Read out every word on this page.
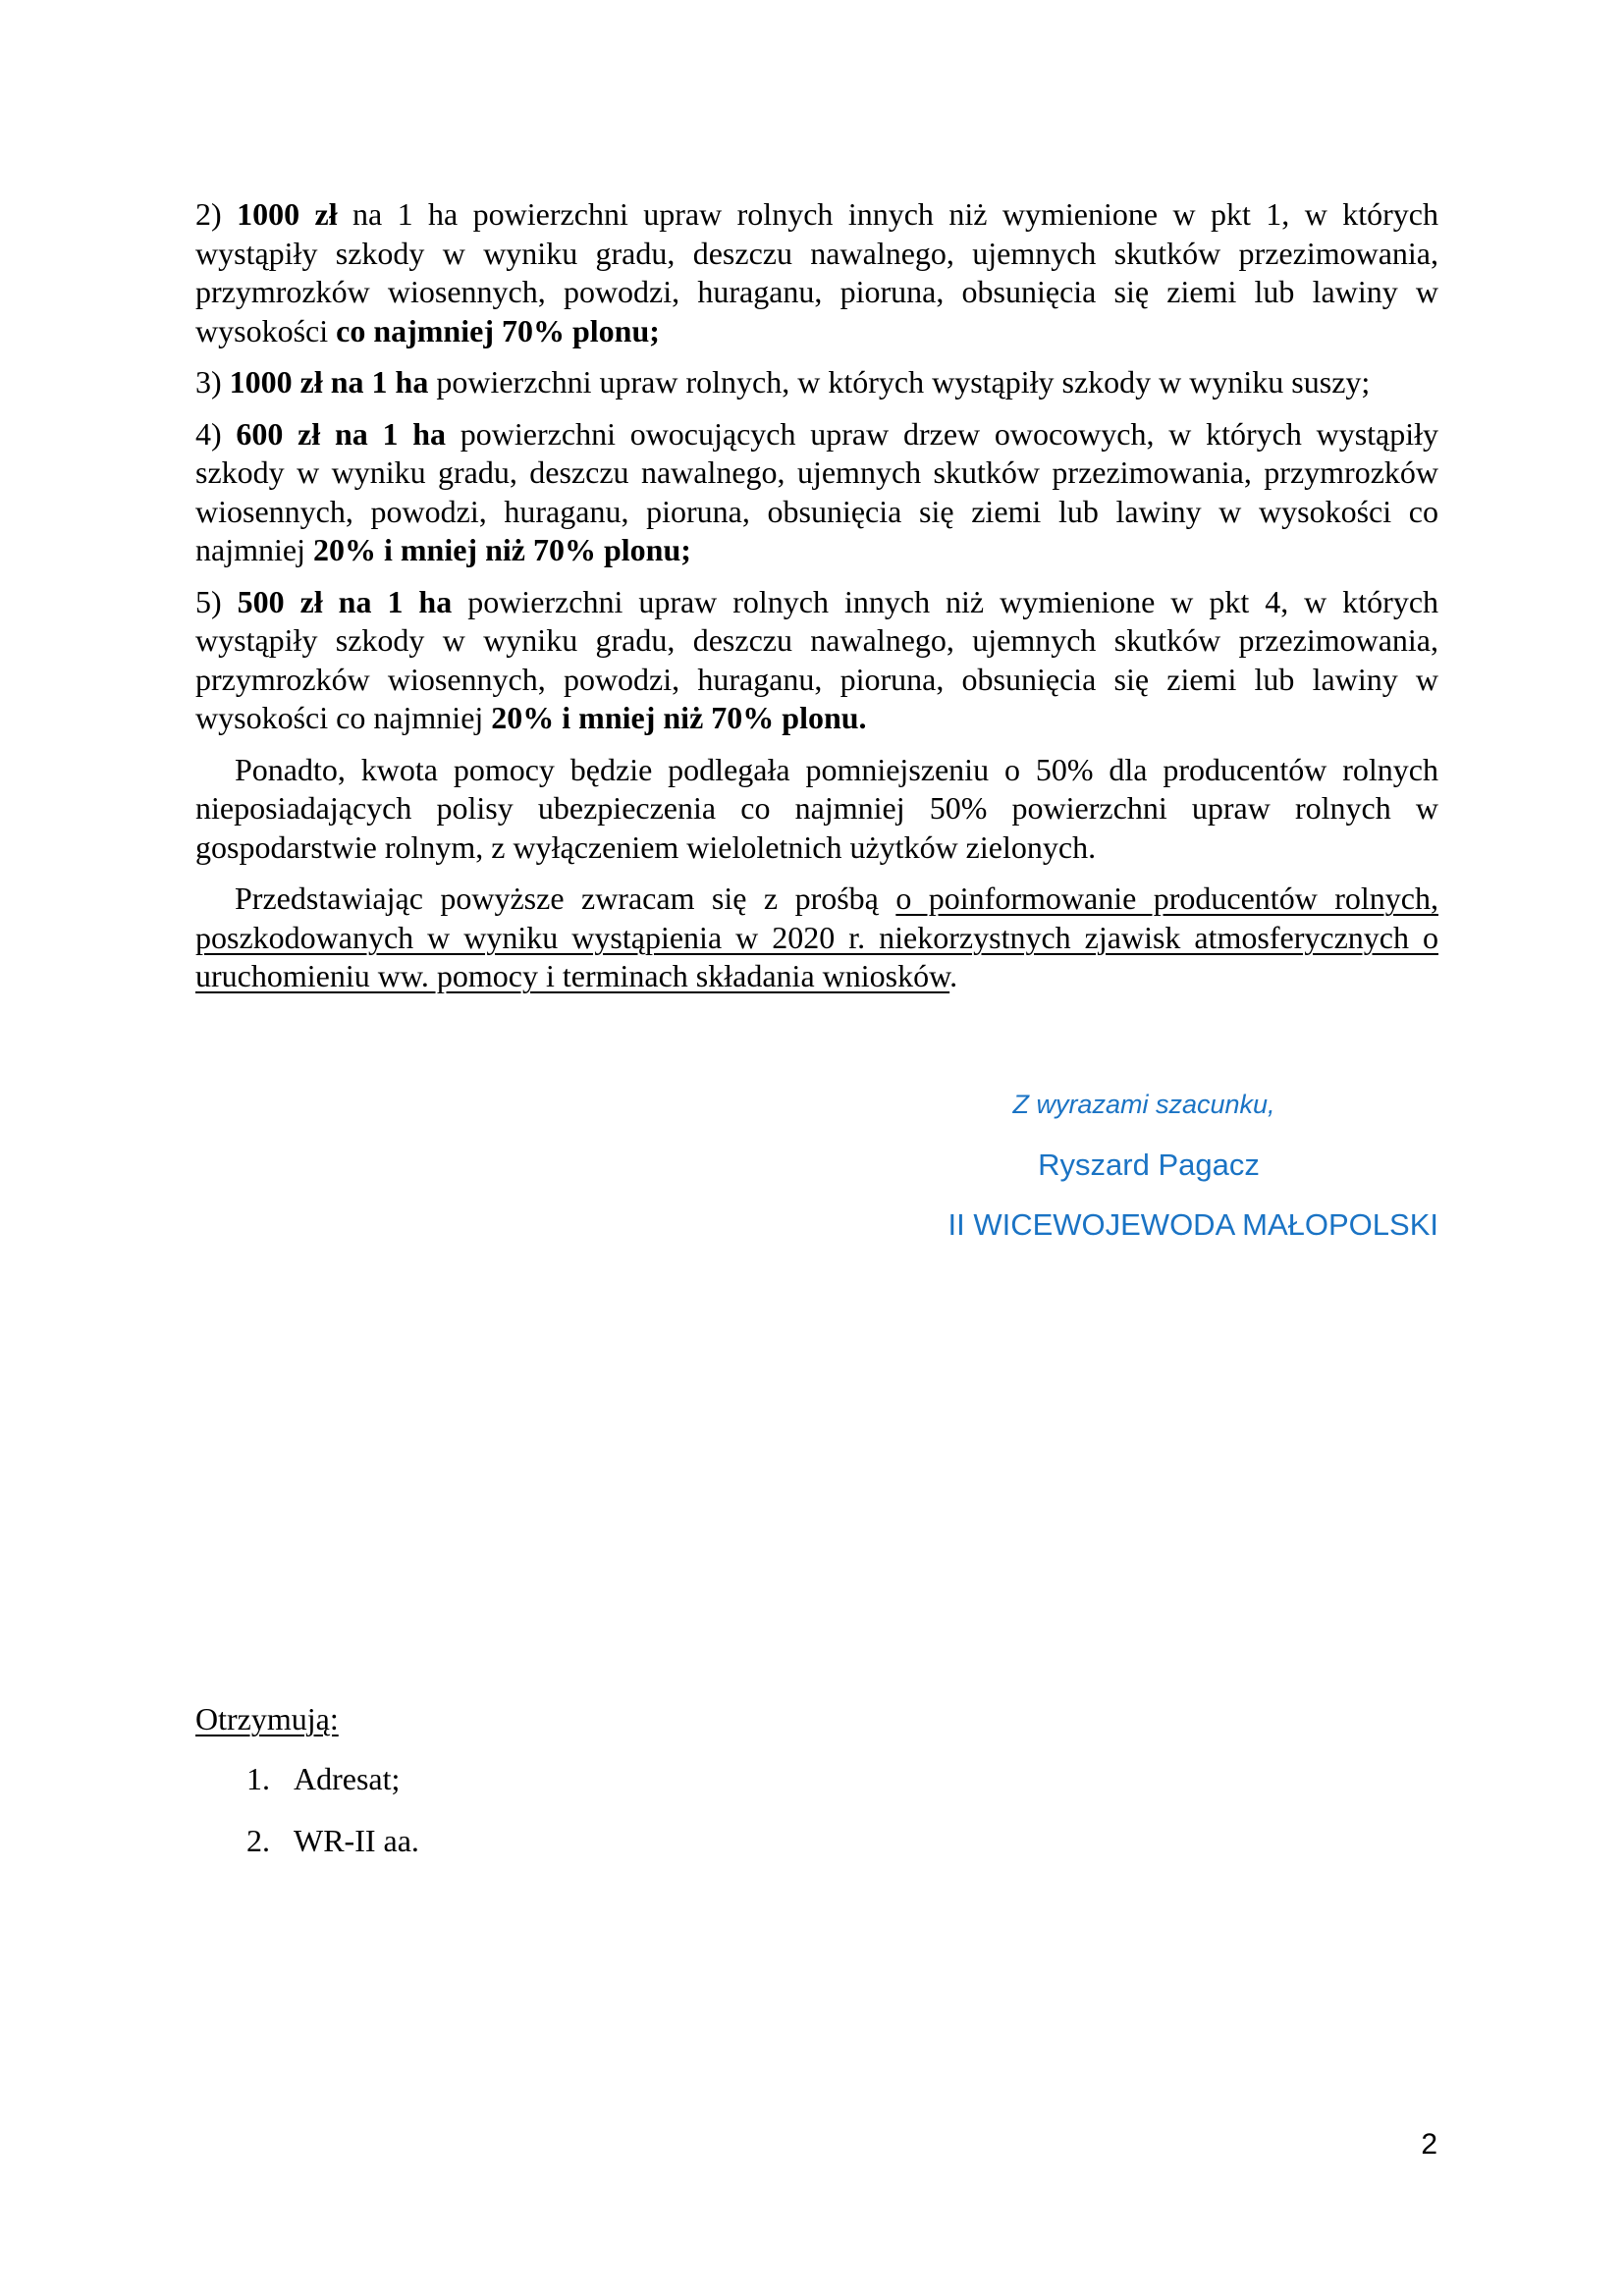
2) 1000 zł na 1 ha powierzchni upraw rolnych innych niż wymienione w pkt 1, w których wystąpiły szkody w wyniku gradu, deszczu nawalnego, ujemnych skutków przezimowania, przymrozków wiosennych, powodzi, huraganu, pioruna, obsunięcia się ziemi lub lawiny w wysokości co najmniej 70% plonu;

3) 1000 zł na 1 ha powierzchni upraw rolnych, w których wystąpiły szkody w wyniku suszy;

4) 600 zł na 1 ha powierzchni owocujących upraw drzew owocowych, w których wystąpiły szkody w wyniku gradu, deszczu nawalnego, ujemnych skutków przezimowania, przymrozków wiosennych, powodzi, huraganu, pioruna, obsunięcia się ziemi lub lawiny w wysokości co najmniej 20% i mniej niż 70% plonu;

5) 500 zł na 1 ha powierzchni upraw rolnych innych niż wymienione w pkt 4, w których wystąpiły szkody w wyniku gradu, deszczu nawalnego, ujemnych skutków przezimowania, przymrozków wiosennych, powodzi, huraganu, pioruna, obsunięcia się ziemi lub lawiny w wysokości co najmniej 20% i mniej niż 70% plonu.

Ponadto, kwota pomocy będzie podlegała pomniejszeniu o 50% dla producentów rolnych nieposiadających polisy ubezpieczenia co najmniej 50% powierzchni upraw rolnych w gospodarstwie rolnym, z wyłączeniem wieloletnich użytków zielonych.

Przedstawiając powyższe zwracam się z prośbą o poinformowanie producentów rolnych, poszkodowanych w wyniku wystąpienia w 2020 r. niekorzystnych zjawisk atmosferycznych o uruchomieniu ww. pomocy i terminach składania wniosków.

Z wyrazami szacunku,
Ryszard Pagacz
II WICEWOJEWODA MAŁOPOLSKI

Otrzymują:

1. Adresat;
2. WR-II aa.
2
